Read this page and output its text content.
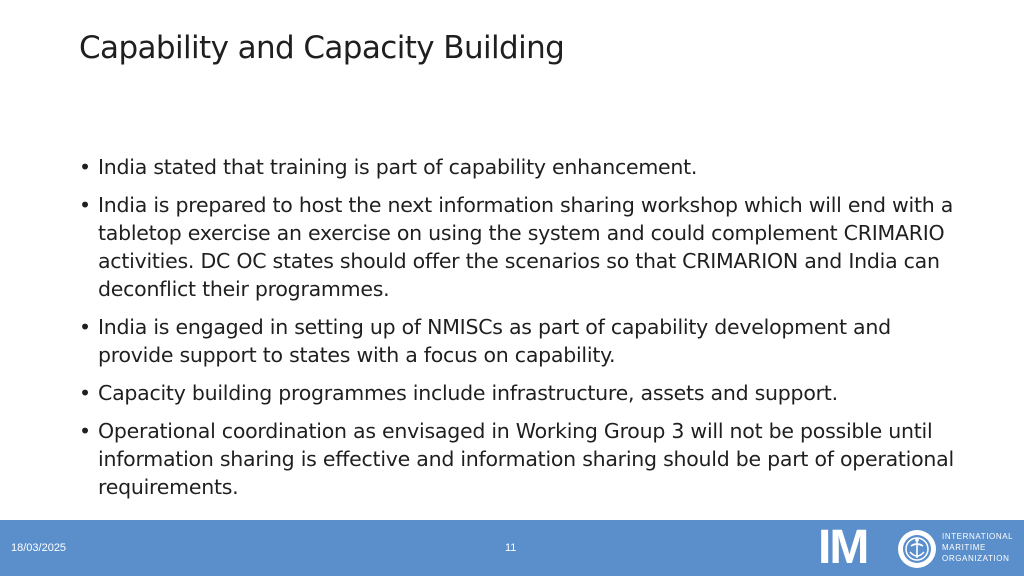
Capability and Capacity Building
• India stated that training is part of capability enhancement.
• India is prepared to host the next information sharing workshop which will end with a tabletop exercise an exercise on using the system and could complement CRIMARIO activities. DC OC states should offer the scenarios so that CRIMARION and India can deconflict their programmes.
• India is engaged in setting up of NMISCs as part of capability development and provide support to states with a focus on capability.
• Capacity building programmes include infrastructure, assets and support.
• Operational coordination as envisaged in Working Group 3 will not be possible until information sharing is effective and information sharing should be part of operational requirements.
18/03/2025	11	IM	INTERNATIONAL
MARITIME
ORGANIZATION
